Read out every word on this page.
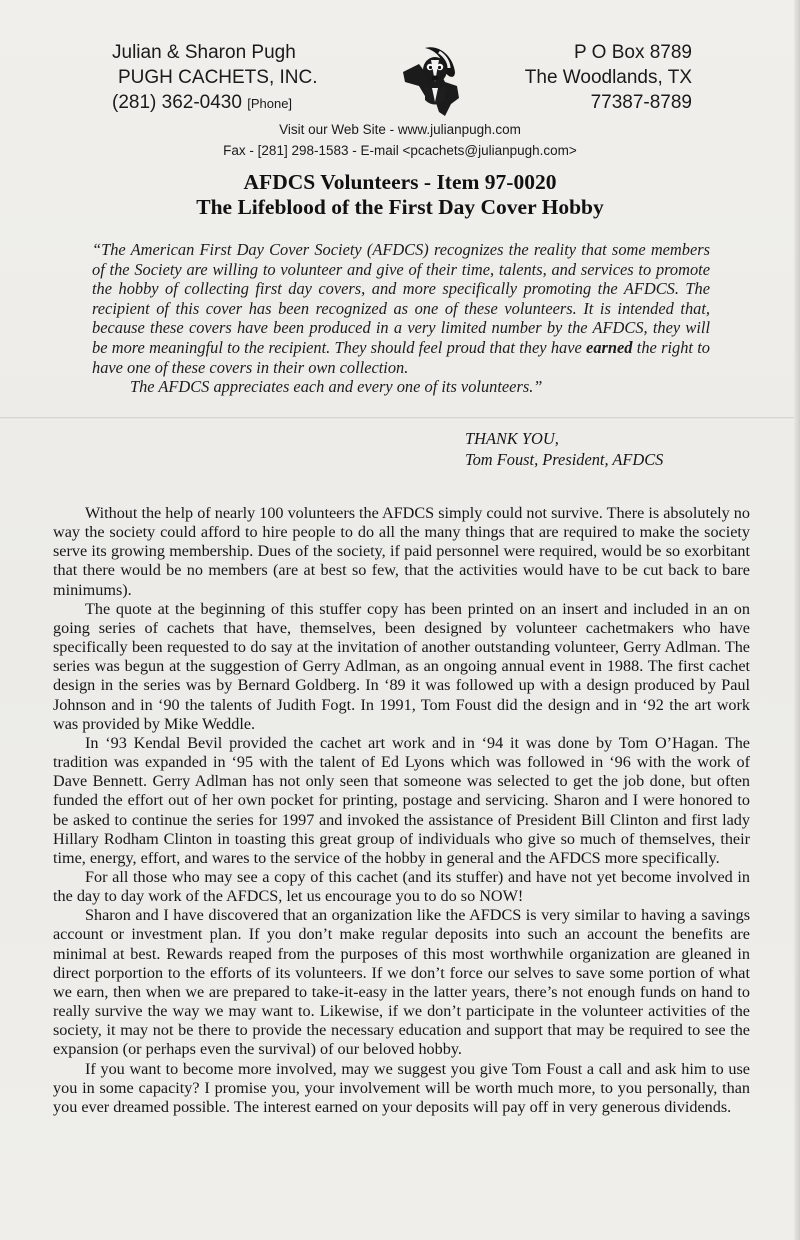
Julian & Sharon Pugh
PUGH CACHETS, INC.
(281) 362-0430 [Phone]
P O Box 8789
The Woodlands, TX
77387-8789
Visit our Web Site - www.julianpugh.com
Fax - [281] 298-1583 - E-mail <pcachets@julianpugh.com>
AFDCS Volunteers - Item 97-0020
The Lifeblood of the First Day Cover Hobby
“The American First Day Cover Society (AFDCS) recognizes the reality that some members of the Society are willing to volunteer and give of their time, talents, and services to promote the hobby of collecting first day covers, and more specifically promoting the AFDCS. The recipient of this cover has been recognized as one of these volunteers. It is intended that, because these covers have been produced in a very limited number by the AFDCS, they will be more meaningful to the recipient. They should feel proud that they have earned the right to have one of these covers in their own collection.
The AFDCS appreciates each and every one of its volunteers.”
THANK YOU,
Tom Foust, President, AFDCS

Without the help of nearly 100 volunteers the AFDCS simply could not survive. There is absolutely no way the society could afford to hire people to do all the many things that are required to make the society serve its growing membership. Dues of the society, if paid personnel were required, would be so exorbitant that there would be no members (are at best so few, that the activities would have to be cut back to bare minimums).

The quote at the beginning of this stuffer copy has been printed on an insert and included in an on going series of cachets that have, themselves, been designed by volunteer cachetmakers who have specifically been requested to do say at the invitation of another outstanding volunteer, Gerry Adlman. The series was begun at the suggestion of Gerry Adlman, as an ongoing annual event in 1988. The first cachet design in the series was by Bernard Goldberg. In ‘89 it was followed up with a design produced by Paul Johnson and in ‘90 the talents of Judith Fogt. In 1991, Tom Foust did the design and in ‘92 the art work was provided by Mike Weddle.

In ‘93 Kendal Bevil provided the cachet art work and in ‘94 it was done by Tom O’Hagan. The tradition was expanded in ‘95 with the talent of Ed Lyons which was followed in ‘96 with the work of Dave Bennett. Gerry Adlman has not only seen that someone was selected to get the job done, but often funded the effort out of her own pocket for printing, postage and servicing. Sharon and I were honored to be asked to continue the series for 1997 and invoked the assistance of President Bill Clinton and first lady Hillary Rodham Clinton in toasting this great group of individuals who give so much of themselves, their time, energy, effort, and wares to the service of the hobby in general and the AFDCS more specifically.

For all those who may see a copy of this cachet (and its stuffer) and have not yet become involved in the day to day work of the AFDCS, let us encourage you to do so NOW!

Sharon and I have discovered that an organization like the AFDCS is very similar to having a savings account or investment plan. If you don’t make regular deposits into such an account the benefits are minimal at best. Rewards reaped from the purposes of this most worthwhile organization are gleaned in direct porportion to the efforts of its volunteers. If we don’t force our selves to save some portion of what we earn, then when we are prepared to take-it-easy in the latter years, there’s not enough funds on hand to really survive the way we may want to. Likewise, if we don’t participate in the volunteer activities of the society, it may not be there to provide the necessary education and support that may be required to see the expansion (or perhaps even the survival) of our beloved hobby.

If you want to become more involved, may we suggest you give Tom Foust a call and ask him to use you in some capacity? I promise you, your involvement will be worth much more, to you personally, than you ever dreamed possible. The interest earned on your deposits will pay off in very generous dividends.
